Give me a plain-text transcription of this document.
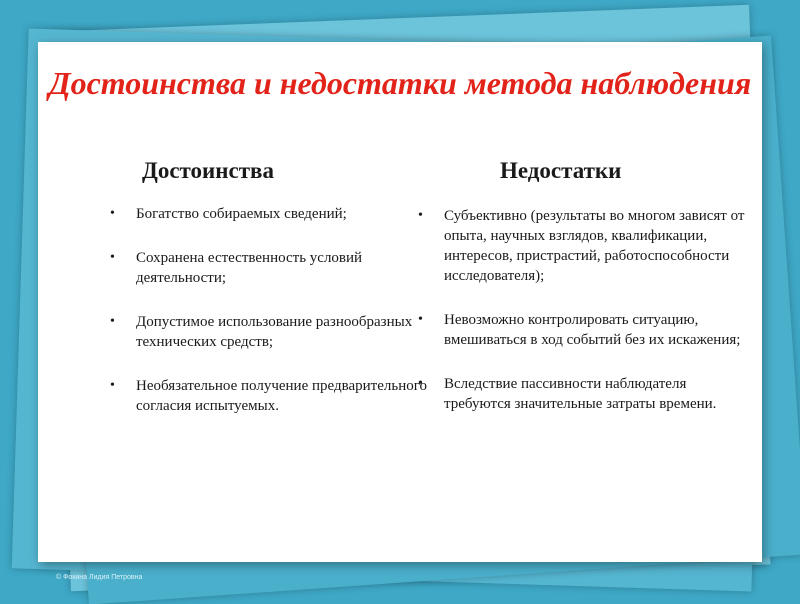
Достоинства и недостатки метода наблюдения
Достоинства	Недостатки
• Богатство собираемых сведений;
• Сохранена естественность условий деятельности;
• Допустимое использование разнообразных технических средств;
• Необязательное получение предварительного согласия испытуемых.
• Субъективно (результаты во многом зависят от опыта, научных взглядов, квалификации, интересов, пристрастий, работоспособности исследователя);
• Невозможно контролировать ситуацию, вмешиваться в ход событий без их искажения;
• Вследствие пассивности наблюдателя требуются значительные затраты времени.
© Фокина Лидия Петровна
